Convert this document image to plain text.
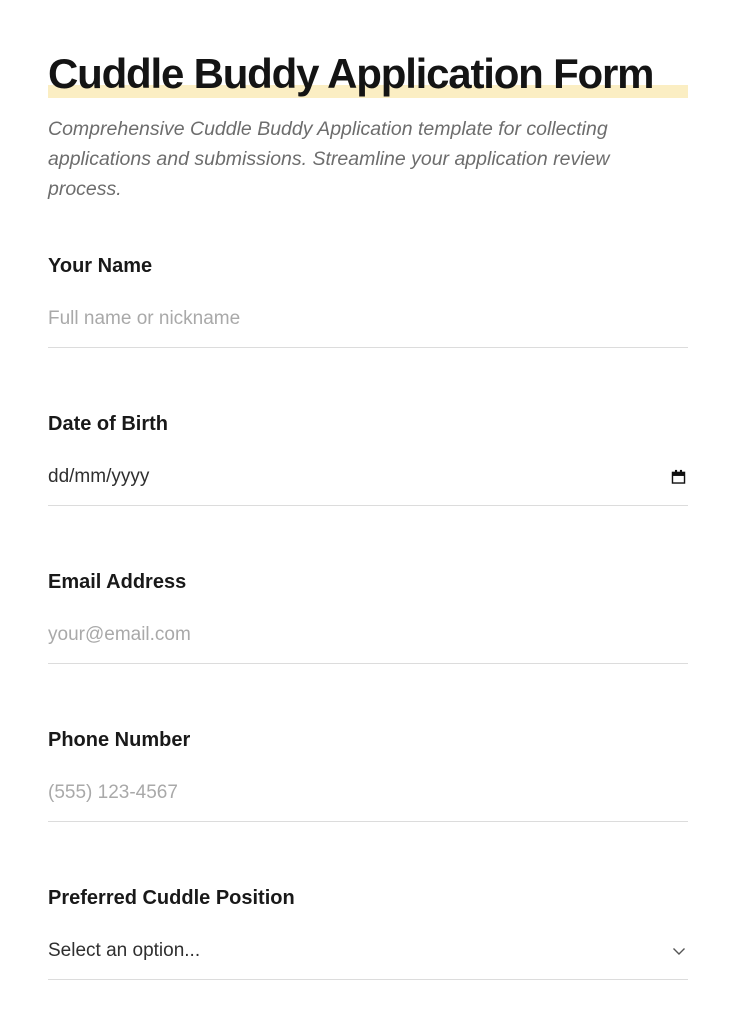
Cuddle Buddy Application Form

Comprehensive Cuddle Buddy Application template for collecting applications and submissions. Streamline your application review process.

Your Name
Full name or nickname
Date of Birth
dd/mm/yyyy
Email Address
your@email.com
Phone Number
(555) 123-4567
Preferred Cuddle Position
Select an option...
